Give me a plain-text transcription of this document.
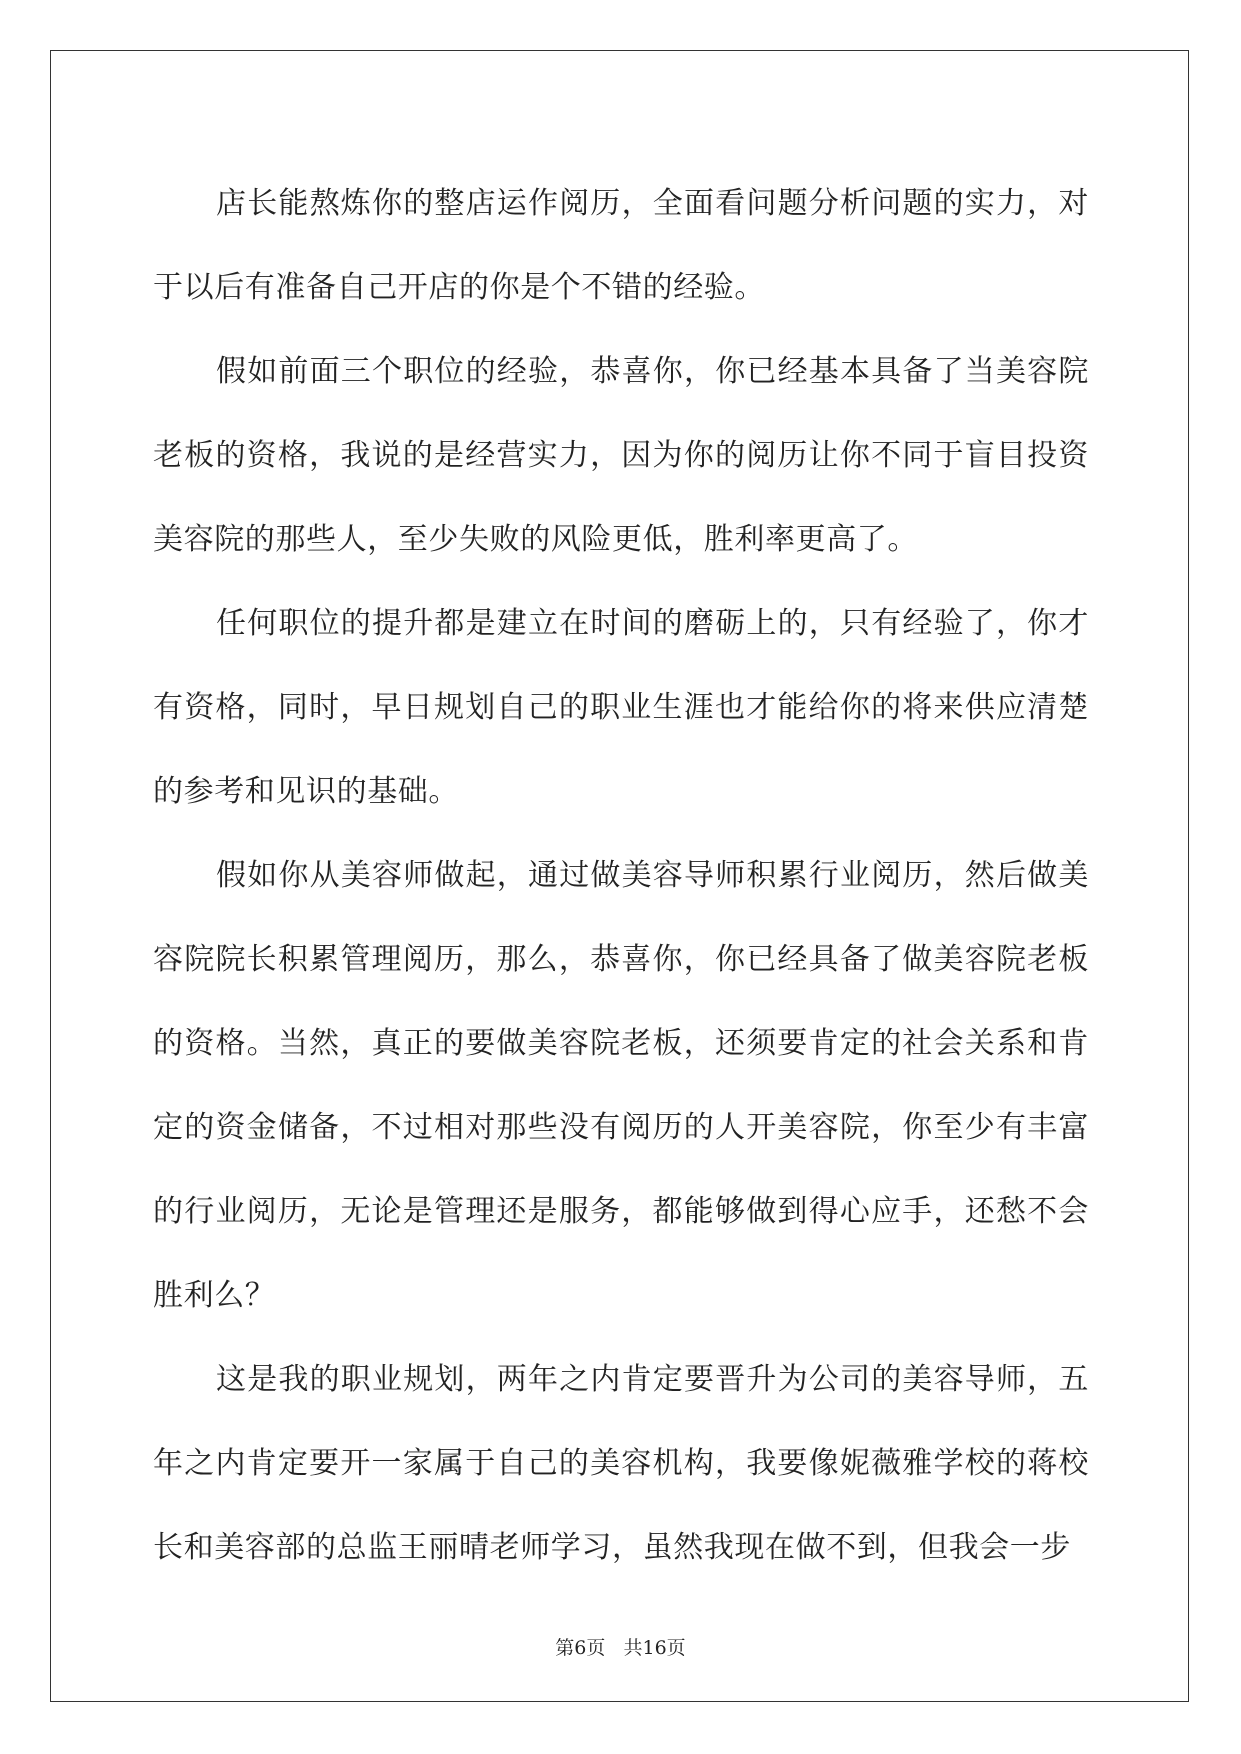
店长能熬炼你的整店运作阅历，全面看问题分析问题的实力，对于以后有准备自己开店的你是个不错的经验。

假如前面三个职位的经验，恭喜你，你已经基本具备了当美容院老板的资格，我说的是经营实力，因为你的阅历让你不同于盲目投资美容院的那些人，至少失败的风险更低，胜利率更高了。

任何职位的提升都是建立在时间的磨砺上的，只有经验了，你才有资格，同时，早日规划自己的职业生涯也才能给你的将来供应清楚的参考和见识的基础。

假如你从美容师做起，通过做美容导师积累行业阅历，然后做美容院院长积累管理阅历，那么，恭喜你，你已经具备了做美容院老板的资格。当然，真正的要做美容院老板，还须要肯定的社会关系和肯定的资金储备，不过相对那些没有阅历的人开美容院，你至少有丰富的行业阅历，无论是管理还是服务，都能够做到得心应手，还愁不会胜利么？

这是我的职业规划，两年之内肯定要晋升为公司的美容导师，五年之内肯定要开一家属于自己的美容机构，我要像妮薇雅学校的蒋校长和美容部的总监王丽晴老师学习，虽然我现在做不到，但我会一步

第6页   共16页
